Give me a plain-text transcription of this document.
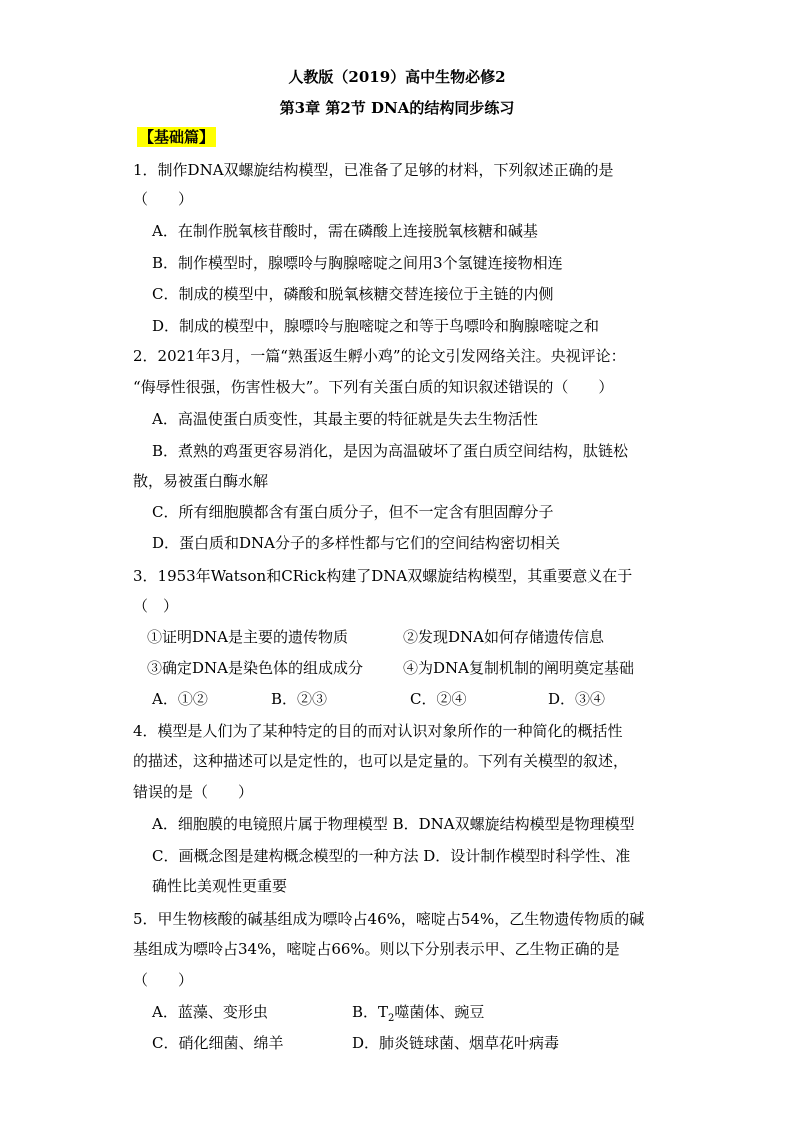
人教版（2019）高中生物必修2
第3章 第2节 DNA的结构同步练习
【基础篇】
1．制作DNA双螺旋结构模型，已准备了足够的材料，下列叙述正确的是
（　　）
A．在制作脱氧核苷酸时，需在磷酸上连接脱氧核糖和碱基
B．制作模型时，腺嘌呤与胸腺嘧啶之间用3个氢键连接物相连
C．制成的模型中，磷酸和脱氧核糖交替连接位于主链的内侧
D．制成的模型中，腺嘌呤与胞嘧啶之和等于鸟嘌呤和胸腺嘧啶之和
2．2021年3月，一篇“熟蛋返生孵小鸡”的论文引发网络关注。央视评论：
“侮辱性很强，伤害性极大”。下列有关蛋白质的知识叙述错误的（　　）
A．高温使蛋白质变性，其最主要的特征就是失去生物活性
B．煮熟的鸡蛋更容易消化，是因为高温破坏了蛋白质空间结构，肽链松
散，易被蛋白酶水解
C．所有细胞膜都含有蛋白质分子，但不一定含有胆固醇分子
D．蛋白质和DNA分子的多样性都与它们的空间结构密切相关
3．1953年Watson和CRick构建了DNA双螺旋结构模型，其重要意义在于
（　）
①证明DNA是主要的遗传物质	②发现DNA如何存储遗传信息
③确定DNA是染色体的组成成分	④为DNA复制机制的阐明奠定基础
A．①②	B．②③	C．②④	D．③④
4．模型是人们为了某种特定的目的而对认识对象所作的一种简化的概括性
的描述，这种描述可以是定性的，也可以是定量的。下列有关模型的叙述，
错误的是（　　）
A．细胞膜的电镜照片属于物理模型 B．DNA双螺旋结构模型是物理模型
C．画概念图是建构概念模型的一种方法 D．设计制作模型时科学性、准
确性比美观性更重要
5．甲生物核酸的碱基组成为嘌呤占46%，嘧啶占54%，乙生物遗传物质的碱
基组成为嘌呤占34%，嘧啶占66%。则以下分别表示甲、乙生物正确的是
（　　）
A．蓝藻、变形虫	B．$T_2$噬菌体、豌豆
C．硝化细菌、绵羊	D．肺炎链球菌、烟草花叶病毒
